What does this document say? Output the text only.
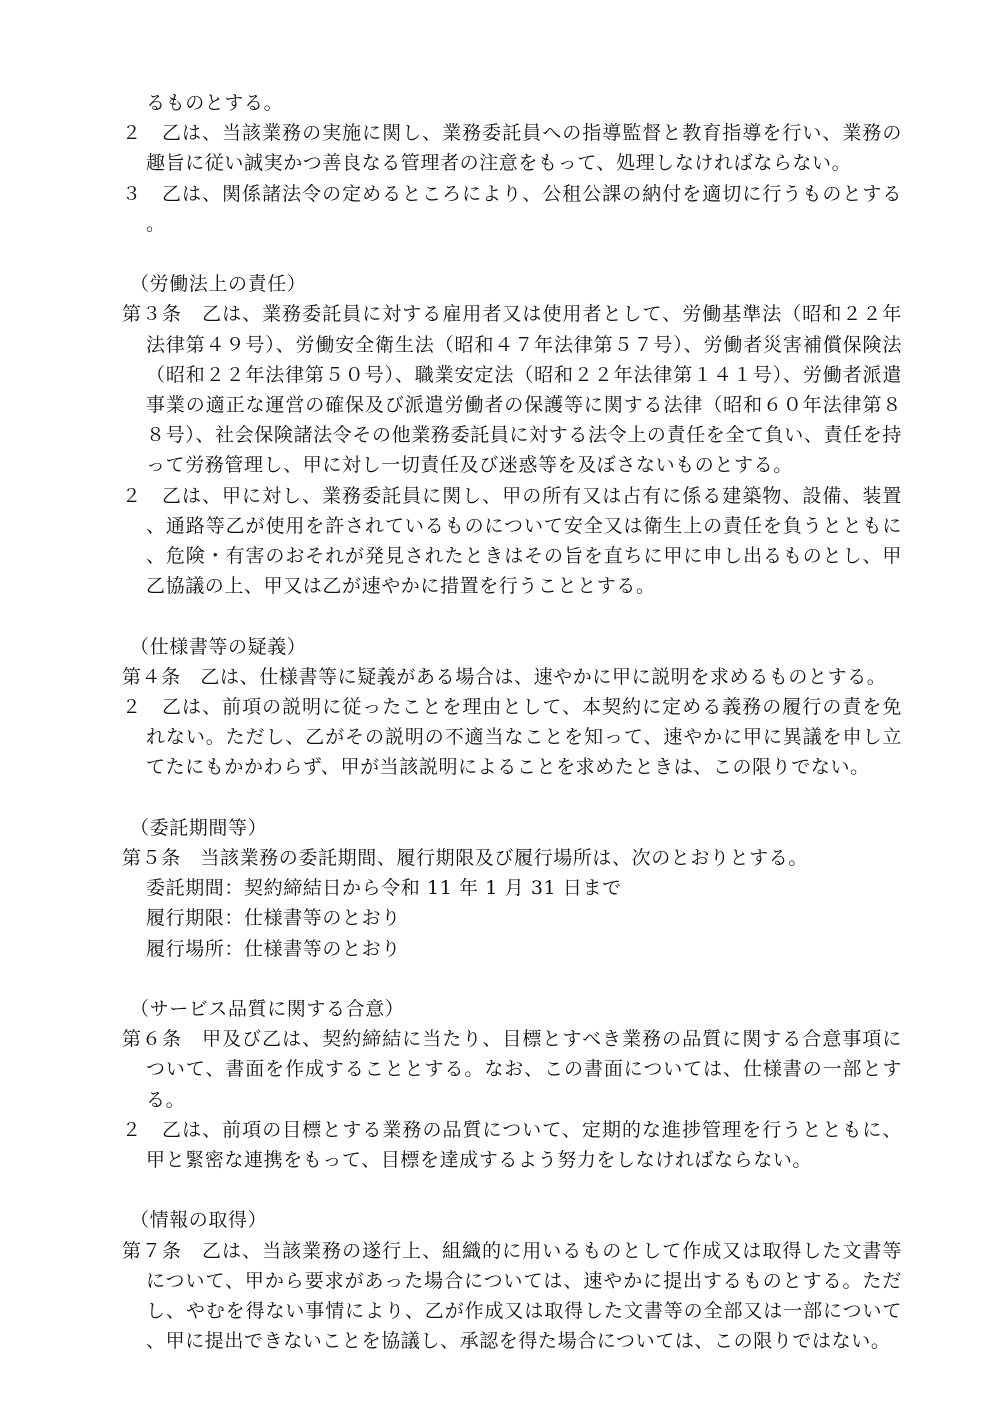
るものとする。
２　乙は、当該業務の実施に関し、業務委託員への指導監督と教育指導を行い、業務の趣旨に従い誠実かつ善良なる管理者の注意をもって、処理しなければならない。
３　乙は、関係諸法令の定めるところにより、公租公課の納付を適切に行うものとする。
（労働法上の責任）
第３条　乙は、業務委託員に対する雇用者又は使用者として、労働基準法（昭和２２年法律第４９号）、労働安全衛生法（昭和４７年法律第５７号）、労働者災害補償保険法（昭和２２年法律第５０号）、職業安定法（昭和２２年法律第１４１号）、労働者派遣事業の適正な運営の確保及び派遣労働者の保護等に関する法律（昭和６０年法律第８８号）、社会保険諸法令その他業務委託員に対する法令上の責任を全て負い、責任を持って労務管理し、甲に対し一切責任及び迷惑等を及ぼさないものとする。
２　乙は、甲に対し、業務委託員に関し、甲の所有又は占有に係る建築物、設備、装置、通路等乙が使用を許されているものについて安全又は衛生上の責任を負うとともに、危険・有害のおそれが発見されたときはその旨を直ちに甲に申し出るものとし、甲乙協議の上、甲又は乙が速やかに措置を行うこととする。
（仕様書等の疑義）
第４条　乙は、仕様書等に疑義がある場合は、速やかに甲に説明を求めるものとする。
２　乙は、前項の説明に従ったことを理由として、本契約に定める義務の履行の責を免れない。ただし、乙がその説明の不適当なことを知って、速やかに甲に異議を申し立てたにもかかわらず、甲が当該説明によることを求めたときは、この限りでない。
（委託期間等）
第５条　当該業務の委託期間、履行期限及び履行場所は、次のとおりとする。
委託期間：契約締結日から令和 11 年 1 月 31 日まで
履行期限：仕様書等のとおり
履行場所：仕様書等のとおり
（サービス品質に関する合意）
第６条　甲及び乙は、契約締結に当たり、目標とすべき業務の品質に関する合意事項について、書面を作成することとする。なお、この書面については、仕様書の一部とする。
２　乙は、前項の目標とする業務の品質について、定期的な進捗管理を行うとともに、甲と緊密な連携をもって、目標を達成するよう努力をしなければならない。
（情報の取得）
第７条　乙は、当該業務の遂行上、組織的に用いるものとして作成又は取得した文書等について、甲から要求があった場合については、速やかに提出するものとする。ただし、やむを得ない事情により、乙が作成又は取得した文書等の全部又は一部について、甲に提出できないことを協議し、承認を得た場合については、この限りではない。
